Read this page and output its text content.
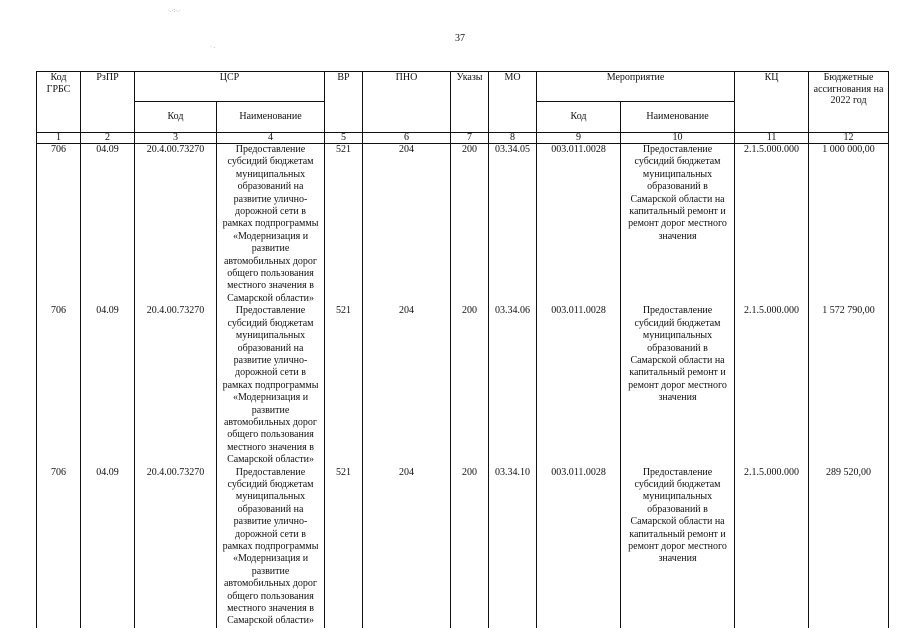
·.·:·.·
· .
37
Код ГРБС	РзПР	ЦСР		ВР	ПНО	Указы	МО	Мероприятие		КЦ	Бюджетные ассигнования на 2022 год
		Код	Наименование					Код	Наименование		
1	2	3	4	5	6	7	8	9	10	11	12
706	04.09	20.4.00.73270	Предоставление субсидий бюджетам муниципальных образований на развитие улично-дорожной сети в рамках подпрограммы «Модернизация и развитие автомобильных дорог общего пользования местного значения в Самарской области»	521	204	200	03.34.05	003.011.0028	Предоставление субсидий бюджетам муниципальных образований в Самарской области на капитальный ремонт и ремонт дорог местного значения	2.1.5.000.000	1 000 000,00
706	04.09	20.4.00.73270	Предоставление субсидий бюджетам муниципальных образований на развитие улично-дорожной сети в рамках подпрограммы «Модернизация и развитие автомобильных дорог общего пользования местного значения в Самарской области»	521	204	200	03.34.06	003.011.0028	Предоставление субсидий бюджетам муниципальных образований в Самарской области на капитальный ремонт и ремонт дорог местного значения	2.1.5.000.000	1 572 790,00
706	04.09	20.4.00.73270	Предоставление субсидий бюджетам муниципальных образований на развитие улично-дорожной сети в рамках подпрограммы «Модернизация и развитие автомобильных дорог общего пользования местного значения в Самарской области»	521	204	200	03.34.10	003.011.0028	Предоставление субсидий бюджетам муниципальных образований в Самарской области на капитальный ремонт и ремонт дорог местного значения	2.1.5.000.000	289 520,00
